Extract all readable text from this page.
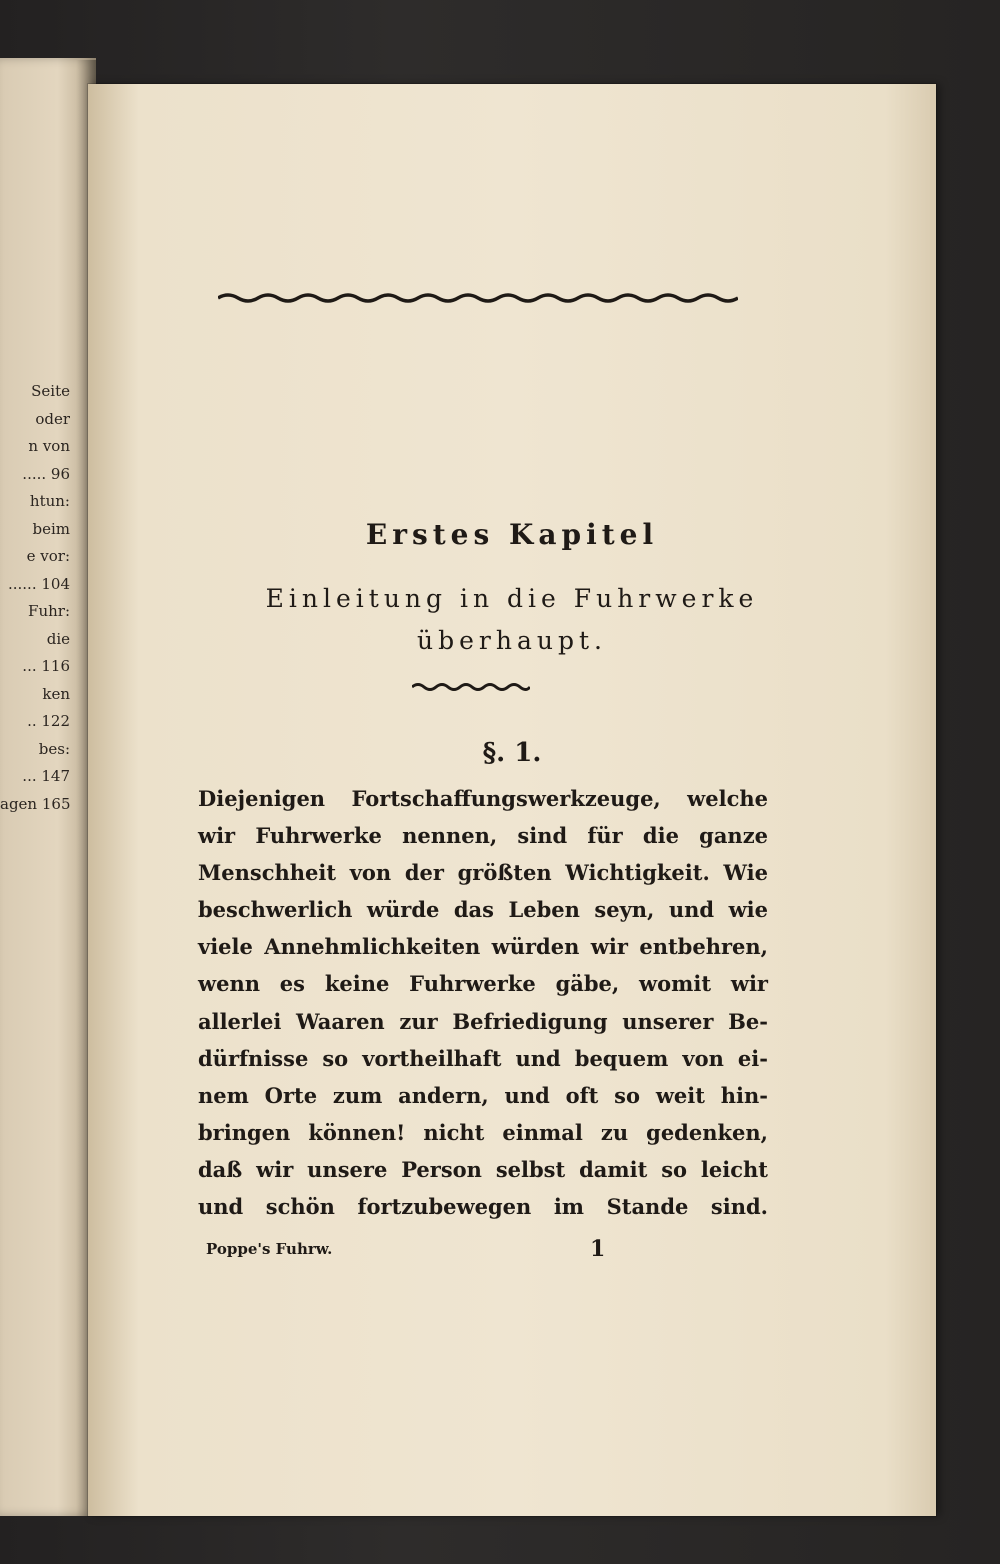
Seite
oder
n von
..... 96
htun:
beim
e vor:
...... 104
Fuhr:
die
... 116
ken
.. 122
bes:
... 147
agen 165
Erstes Kapitel
Einleitung in die Fuhrwerke
überhaupt.
§. 1.
Diejenigen Fortschaffungswerkzeuge, welche
wir Fuhrwerke nennen, sind für die ganze
Menschheit von der größten Wichtigkeit. Wie
beschwerlich würde das Leben seyn, und wie
viele Annehmlichkeiten würden wir entbehren,
wenn es keine Fuhrwerke gäbe, womit wir
allerlei Waaren zur Befriedigung unserer Be-
dürfnisse so vortheilhaft und bequem von ei-
nem Orte zum andern, und oft so weit hin-
bringen können! nicht einmal zu gedenken,
daß wir unsere Person selbst damit so leicht
und schön fortzubewegen im Stande sind.
Poppe's Fuhrw.	1
